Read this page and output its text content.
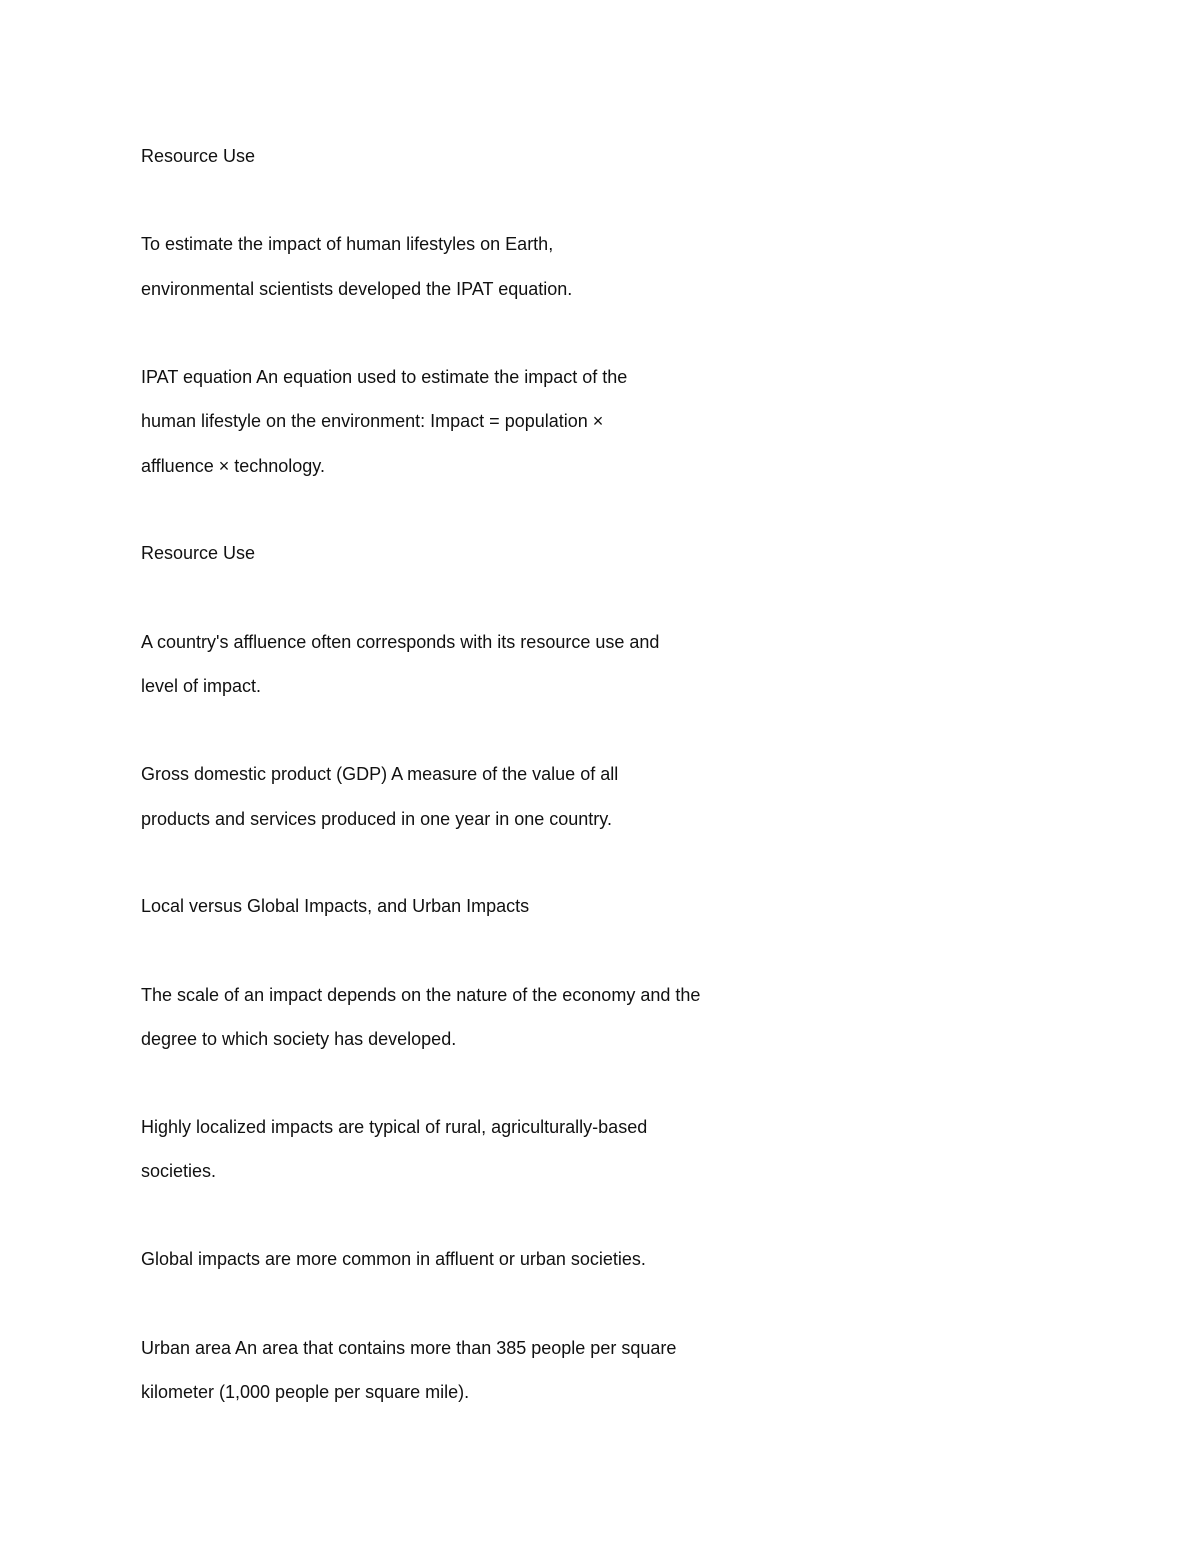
Resource Use

To estimate the impact of human lifestyles on Earth,

environmental scientists developed the IPAT equation.

IPAT equation An equation used to estimate the impact of the

human lifestyle on the environment: Impact = population ×

affluence × technology.

Resource Use

A country's affluence often corresponds with its resource use and

level of impact.

Gross domestic product (GDP) A measure of the value of all

products and services produced in one year in one country.

Local versus Global Impacts, and Urban Impacts

The scale of an impact depends on the nature of the economy and the

degree to which society has developed.

Highly localized impacts are typical of rural, agriculturally-based

societies.

Global impacts are more common in affluent or urban societies.

Urban area An area that contains more than 385 people per square

kilometer (1,000 people per square mile).
